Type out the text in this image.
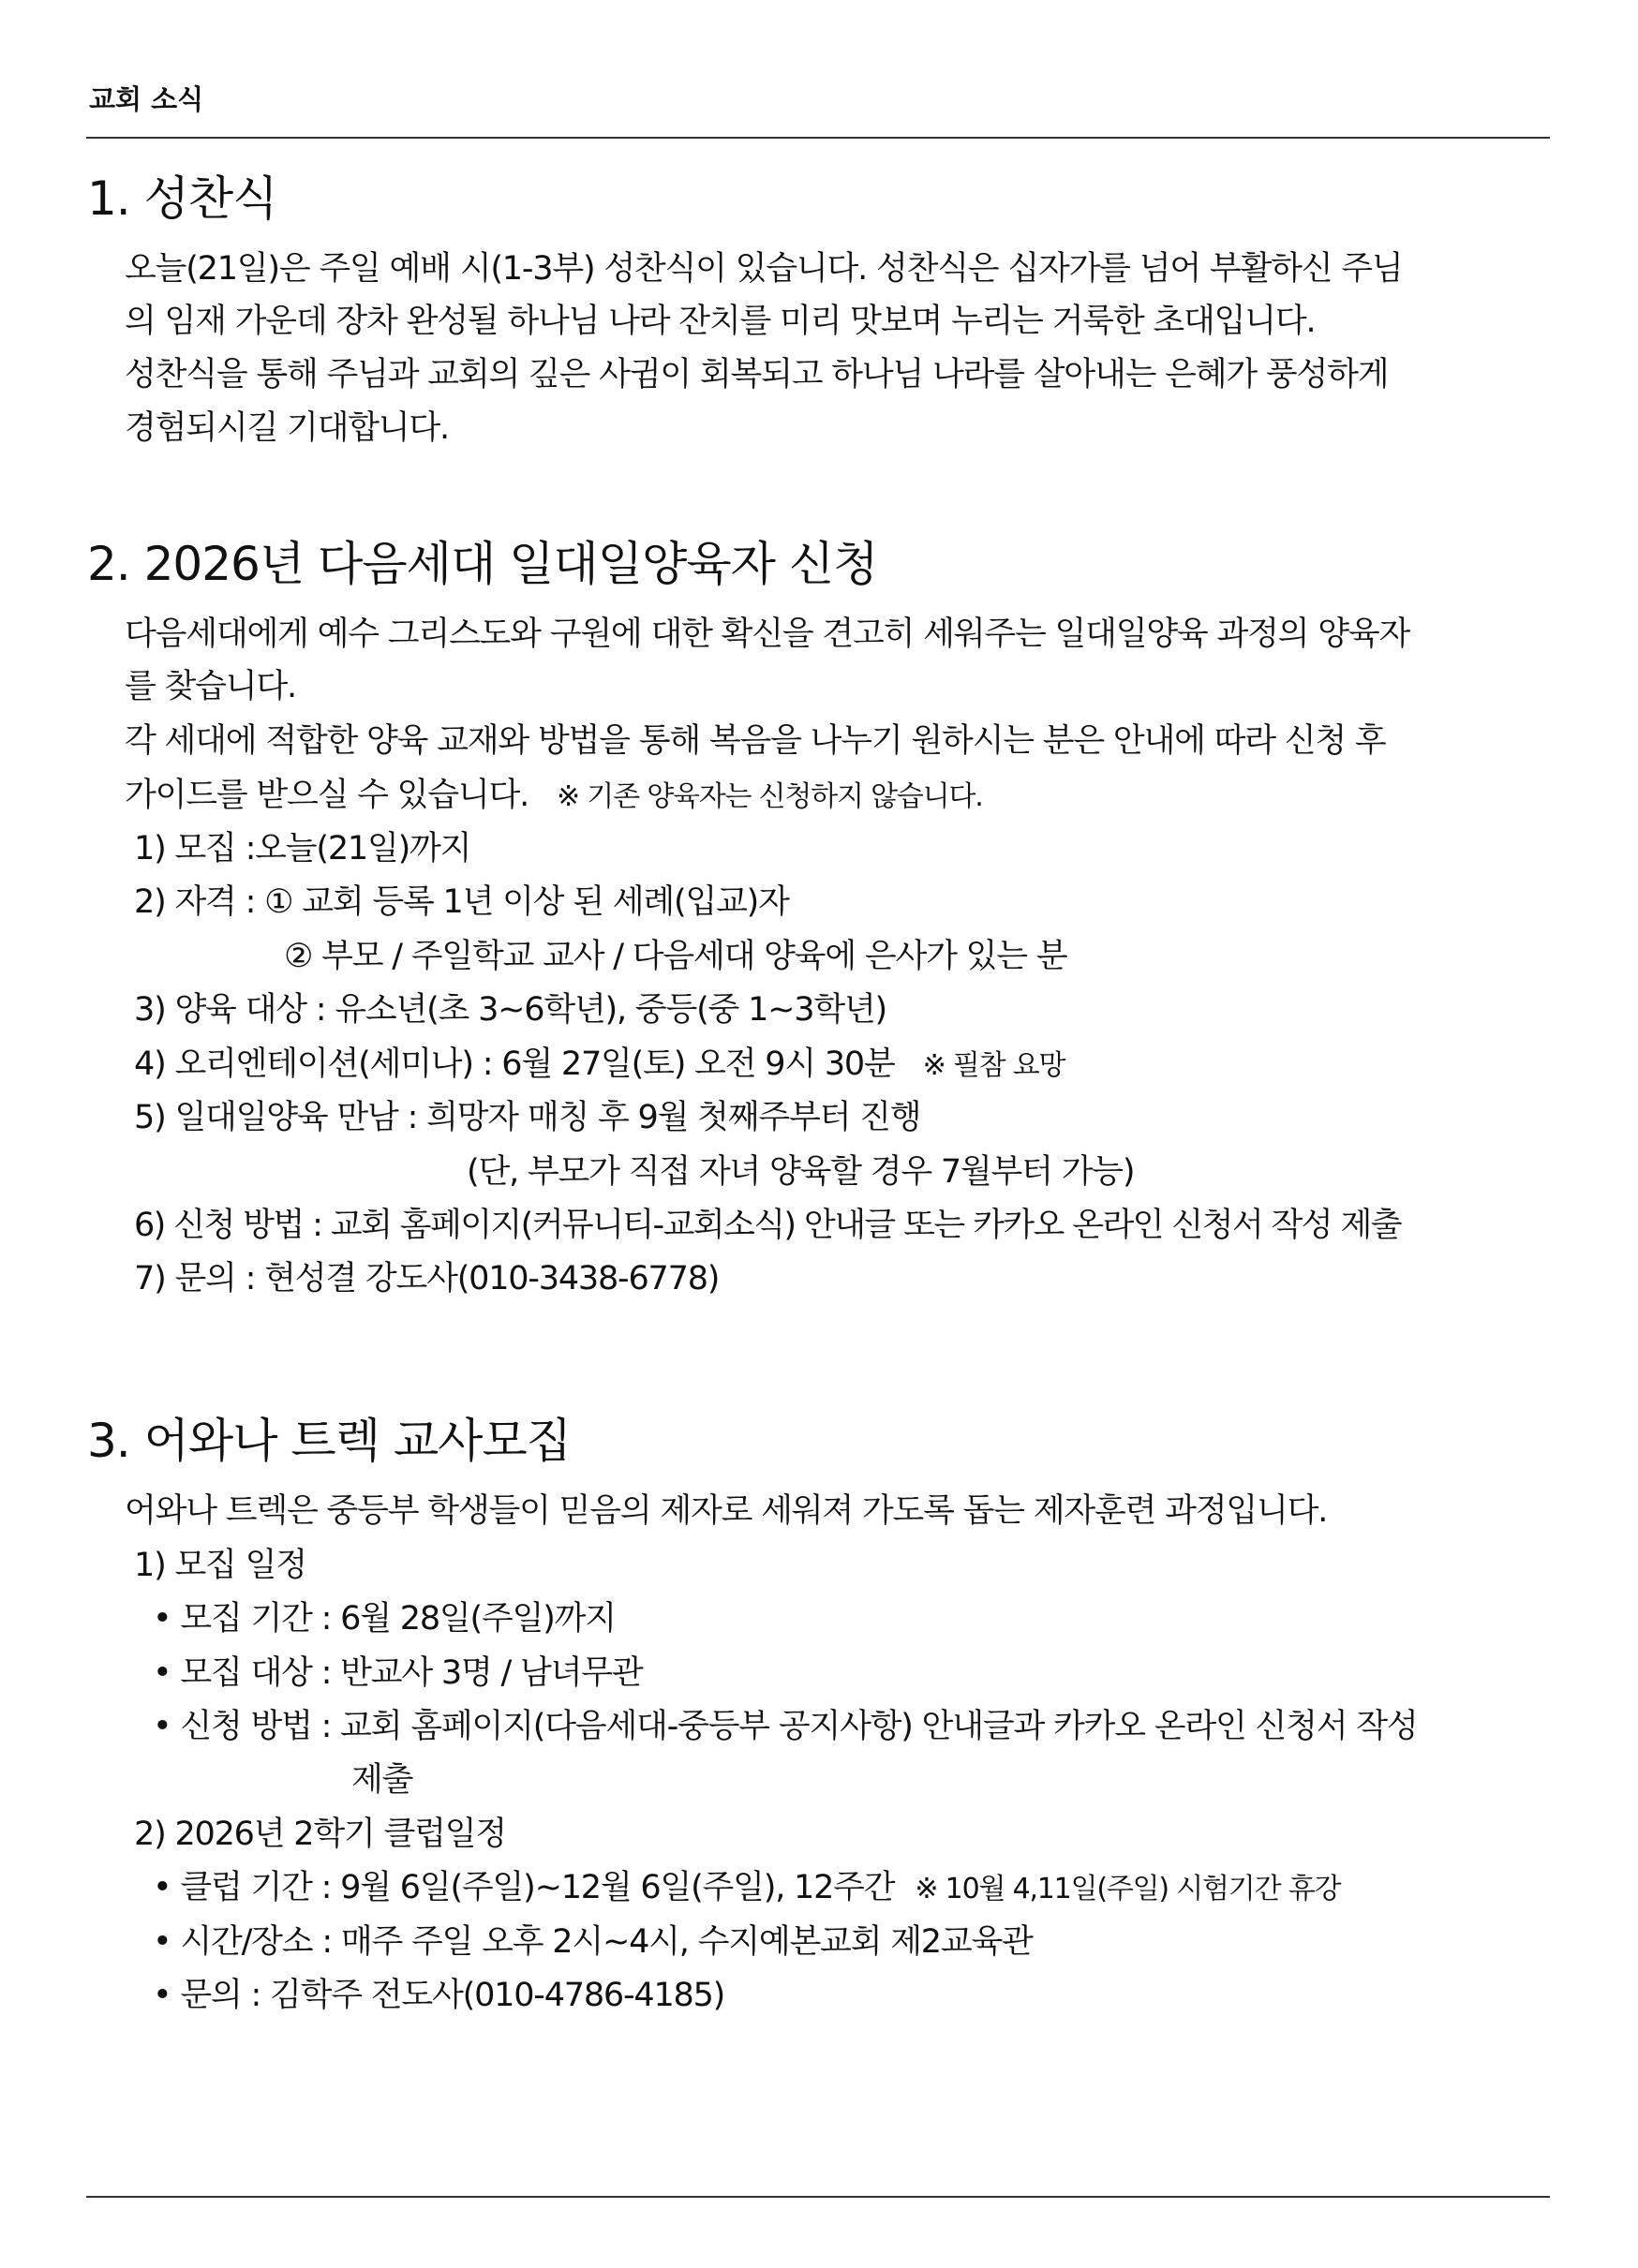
교회 소식
1. 성찬식
오늘(21일)은 주일 예배 시(1-3부) 성찬식이 있습니다. 성찬식은 십자가를 넘어 부활하신 주님
의 임재 가운데 장차 완성될 하나님 나라 잔치를 미리 맛보며 누리는 거룩한 초대입니다.
성찬식을 통해 주님과 교회의 깊은 사귐이 회복되고 하나님 나라를 살아내는 은혜가 풍성하게
경험되시길 기대합니다.
2. 2026년 다음세대 일대일양육자 신청
다음세대에게 예수 그리스도와 구원에 대한 확신을 견고히 세워주는 일대일양육 과정의 양육자
를 찾습니다.
각 세대에 적합한 양육 교재와 방법을 통해 복음을 나누기 원하시는 분은 안내에 따라 신청 후
가이드를 받으실 수 있습니다. ※ 기존 양육자는 신청하지 않습니다.
1) 모집 :오늘(21일)까지
2) 자격 : ① 교회 등록 1년 이상 된 세례(입교)자
② 부모 / 주일학교 교사 / 다음세대 양육에 은사가 있는 분
3) 양육 대상 : 유소년(초 3~6학년), 중등(중 1~3학년)
4) 오리엔테이션(세미나) : 6월 27일(토) 오전 9시 30분 ※ 필참 요망
5) 일대일양육 만남 : 희망자 매칭 후 9월 첫째주부터 진행
(단, 부모가 직접 자녀 양육할 경우 7월부터 가능)
6) 신청 방법 : 교회 홈페이지(커뮤니티-교회소식) 안내글 또는 카카오 온라인 신청서 작성 제출
7) 문의 : 현성결 강도사(010-3438-6778)
3. 어와나 트렉 교사모집
어와나 트렉은 중등부 학생들이 믿음의 제자로 세워져 가도록 돕는 제자훈련 과정입니다.
1) 모집 일정
• 모집 기간 : 6월 28일(주일)까지
• 모집 대상 : 반교사 3명 / 남녀무관
• 신청 방법 : 교회 홈페이지(다음세대-중등부 공지사항) 안내글과 카카오 온라인 신청서 작성
제출
2) 2026년 2학기 클럽일정
• 클럽 기간 : 9월 6일(주일)~12월 6일(주일), 12주간 ※ 10월 4,11일(주일) 시험기간 휴강
• 시간/장소 : 매주 주일 오후 2시~4시, 수지예본교회 제2교육관
• 문의 : 김학주 전도사(010-4786-4185)
